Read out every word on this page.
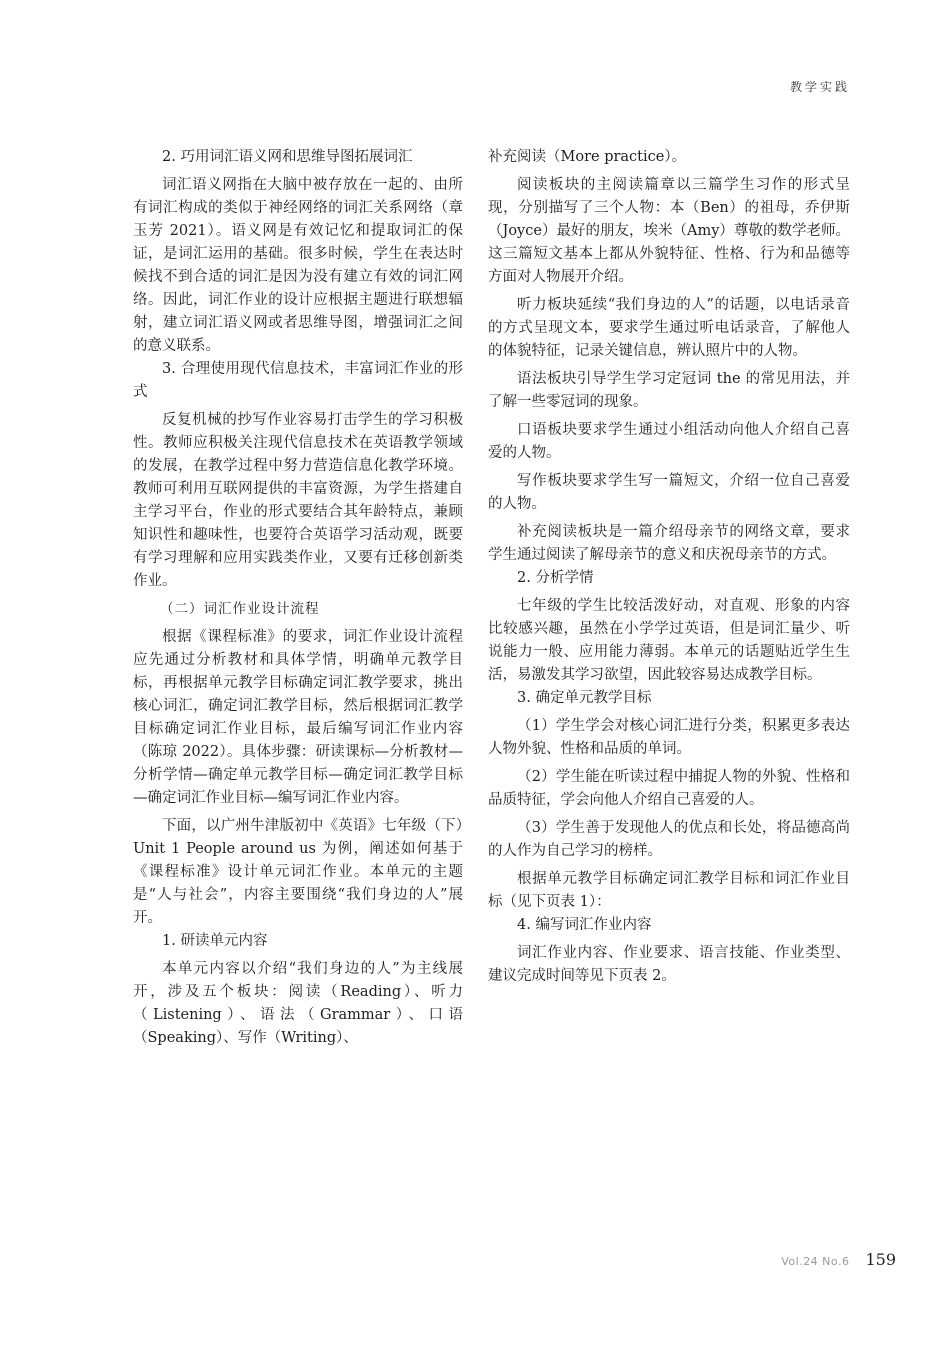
教学实践

2. 巧用词汇语义网和思维导图拓展词汇

词汇语义网指在大脑中被存放在一起的、由所有词汇构成的类似于神经网络的词汇关系网络（章玉芳 2021）。语义网是有效记忆和提取词汇的保证，是词汇运用的基础。很多时候，学生在表达时候找不到合适的词汇是因为没有建立有效的词汇网络。因此，词汇作业的设计应根据主题进行联想辐射，建立词汇语义网或者思维导图，增强词汇之间的意义联系。

3. 合理使用现代信息技术，丰富词汇作业的形式

反复机械的抄写作业容易打击学生的学习积极性。教师应积极关注现代信息技术在英语教学领域的发展，在教学过程中努力营造信息化教学环境。教师可利用互联网提供的丰富资源，为学生搭建自主学习平台，作业的形式要结合其年龄特点，兼顾知识性和趣味性，也要符合英语学习活动观，既要有学习理解和应用实践类作业，又要有迁移创新类作业。

（二）词汇作业设计流程

根据《课程标准》的要求，词汇作业设计流程应先通过分析教材和具体学情，明确单元教学目标，再根据单元教学目标确定词汇教学要求，挑出核心词汇，确定词汇教学目标，然后根据词汇教学目标确定词汇作业目标，最后编写词汇作业内容（陈琼 2022）。具体步骤：研读课标—分析教材—分析学情—确定单元教学目标—确定词汇教学目标—确定词汇作业目标—编写词汇作业内容。

下面，以广州牛津版初中《英语》七年级（下）Unit 1 People around us 为例，阐述如何基于《课程标准》设计单元词汇作业。本单元的主题是“人与社会”，内容主要围绕“我们身边的人”展开。

1. 研读单元内容

本单元内容以介绍“我们身边的人”为主线展开，涉及五个板块：阅读（Reading）、听力（Listening）、语法（Grammar）、口语（Speaking）、写作（Writing）、

补充阅读（More practice）。

阅读板块的主阅读篇章以三篇学生习作的形式呈现，分别描写了三个人物：本（Ben）的祖母，乔伊斯（Joyce）最好的朋友，埃米（Amy）尊敬的数学老师。这三篇短文基本上都从外貌特征、性格、行为和品德等方面对人物展开介绍。

听力板块延续“我们身边的人”的话题，以电话录音的方式呈现文本，要求学生通过听电话录音，了解他人的体貌特征，记录关键信息，辨认照片中的人物。

语法板块引导学生学习定冠词 the 的常见用法，并了解一些零冠词的现象。

口语板块要求学生通过小组活动向他人介绍自己喜爱的人物。

写作板块要求学生写一篇短文，介绍一位自己喜爱的人物。

补充阅读板块是一篇介绍母亲节的网络文章，要求学生通过阅读了解母亲节的意义和庆祝母亲节的方式。

2. 分析学情

七年级的学生比较活泼好动，对直观、形象的内容比较感兴趣，虽然在小学学过英语，但是词汇量少、听说能力一般、应用能力薄弱。本单元的话题贴近学生生活，易激发其学习欲望，因此较容易达成教学目标。

3. 确定单元教学目标

（1）学生学会对核心词汇进行分类，积累更多表达人物外貌、性格和品质的单词。

（2）学生能在听读过程中捕捉人物的外貌、性格和品质特征，学会向他人介绍自己喜爱的人。

（3）学生善于发现他人的优点和长处，将品德高尚的人作为自己学习的榜样。

根据单元教学目标确定词汇教学目标和词汇作业目标（见下页表 1）：

4. 编写词汇作业内容

词汇作业内容、作业要求、语言技能、作业类型、建议完成时间等见下页表 2。

Vol.24 No.6 159
